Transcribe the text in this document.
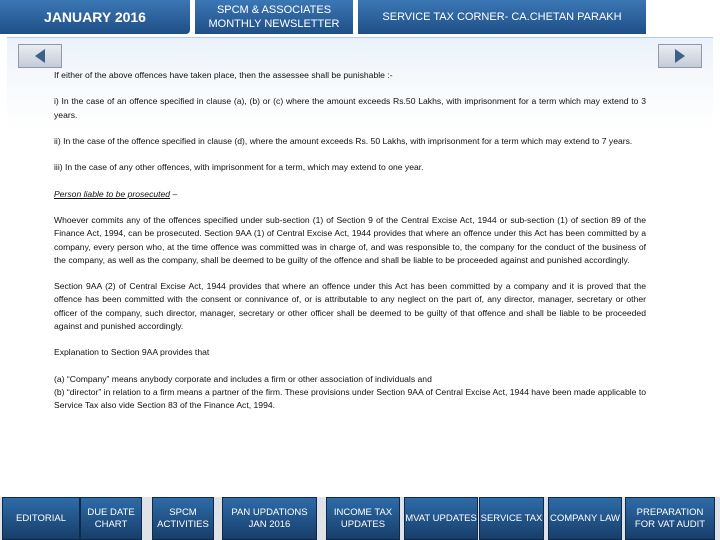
JANUARY 2016	SPCM & ASSOCIATES MONTHLY NEWSLETTER
SERVICE TAX CORNER- CA.CHETAN PARAKH

If either of the above offences have taken place, then the assessee shall be punishable :-

i) In the case of an offence specified in clause (a), (b) or (c) where the amount exceeds Rs.50 Lakhs, with imprisonment for a term which may extend to 3 years.

ii) In the case of the offence specified in clause (d), where the amount exceeds Rs. 50 Lakhs, with imprisonment for a term which may extend to 7 years.

iii) In the case of any other offences, with imprisonment for a term, which may extend to one year.

Person liable to be prosecuted –

Whoever commits any of the offences specified under sub-section (1) of Section 9 of the Central Excise Act, 1944 or sub-section (1) of section 89 of the Finance Act, 1994, can be prosecuted. Section 9AA (1) of Central Excise Act, 1944 provides that where an offence under this Act has been committed by a company, every person who, at the time offence was committed was in charge of, and was responsible to, the company for the conduct of the business of the company, as well as the company, shall be deemed to be guilty of the offence and shall be liable to be proceeded against and punished accordingly.

Section 9AA (2) of Central Excise Act, 1944 provides that where an offence under this Act has been committed by a company and it is proved that the offence has been committed with the consent or connivance of, or is attributable to any neglect on the part of, any director, manager, secretary or other officer of the company, such director, manager, secretary or other officer shall be deemed to be guilty of that offence and shall be liable to be proceeded against and punished accordingly.

Explanation to Section 9AA provides that

(a) “Company” means anybody corporate and includes a firm or other association of individuals and
(b) “director” in relation to a firm means a partner of the firm. These provisions under Section 9AA of Central Excise Act, 1944 have been made applicable to Service Tax also vide Section 83 of the Finance Act, 1994.

EDITORIAL
DUE DATE CHART
SPCM ACTIVITIES
PAN UPDATIONS JAN 2016
INCOME TAX UPDATES
MVAT UPDATES SERVICE TAX COMPANY LAW
PREPARATION FOR VAT AUDIT
